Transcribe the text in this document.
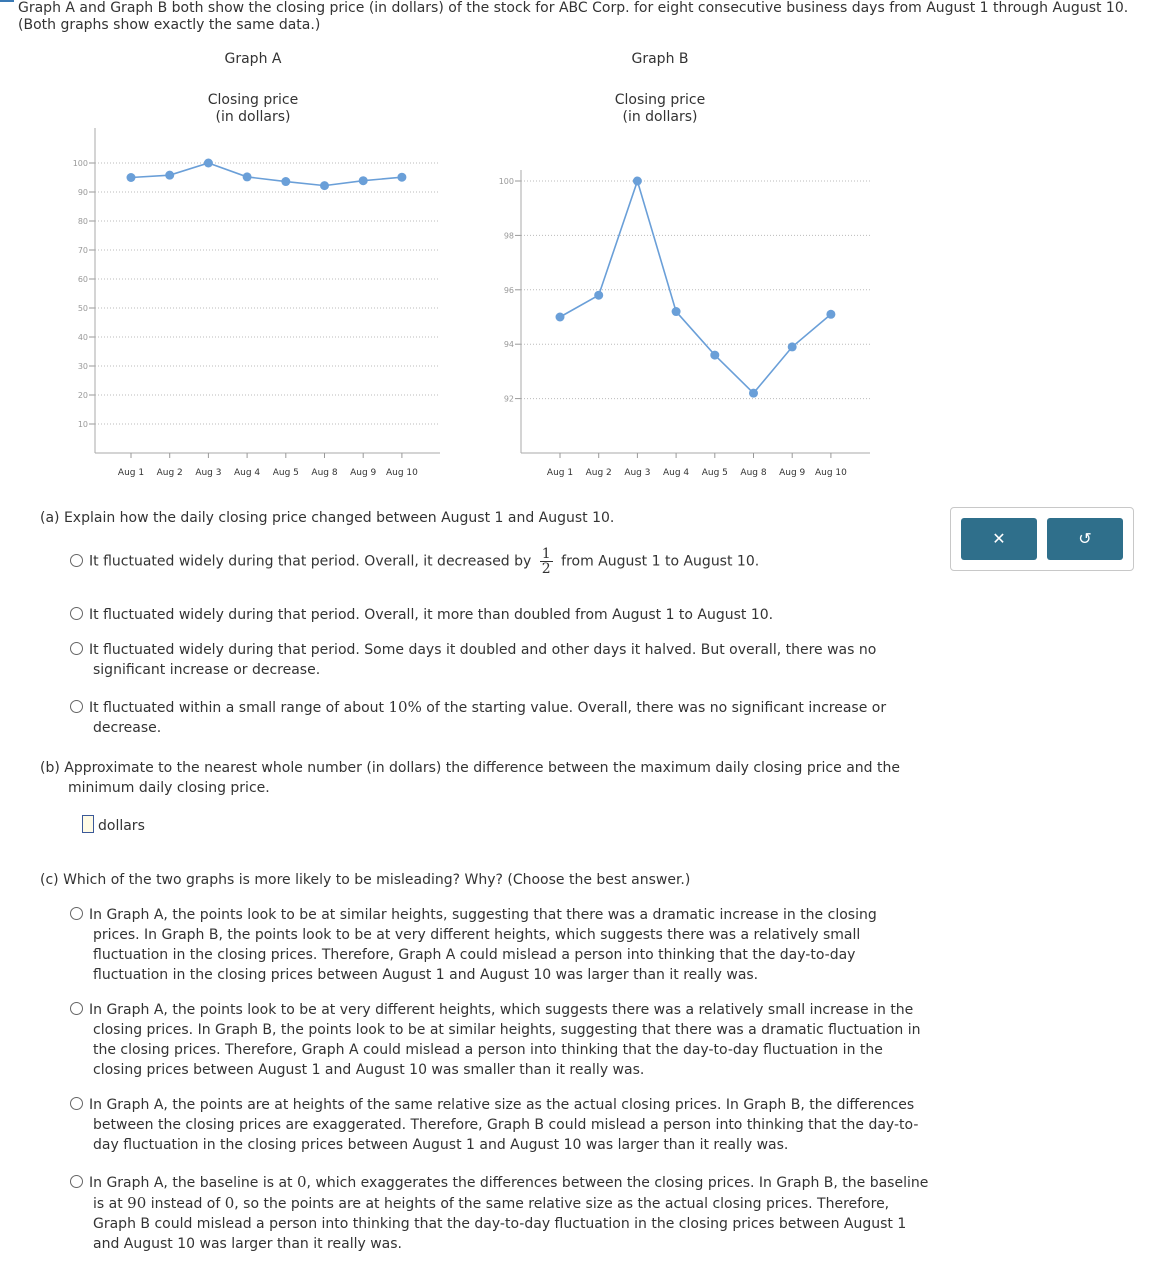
Graph A and Graph B both show the closing price (in dollars) of the stock for ABC Corp. for eight consecutive business days from August 1 through August 10. (Both graphs show exactly the same data.)
Graph A
Closing price
(in dollars)
Graph B
Closing price
(in dollars)
10
20
30
40
50
60
70
80
90
100
Aug 1 Aug 2 Aug 3 Aug 4 Aug 5 Aug 8 Aug 9 Aug 10
92
94
96
98
100
Aug 1 Aug 2 Aug 3 Aug 4 Aug 5 Aug 8 Aug 9 Aug 10
(a) Explain how the daily closing price changed between August 1 and August 10.
It fluctuated widely during that period. Overall, it decreased by $\frac{1}{2}$ from August 1 to August 10.
It fluctuated widely during that period. Overall, it more than doubled from August 1 to August 10.
It fluctuated widely during that period. Some days it doubled and other days it halved. But overall, there was no significant increase or decrease.
It fluctuated within a small range of about 10% of the starting value. Overall, there was no significant increase or decrease.
(b) Approximate to the nearest whole number (in dollars) the difference between the maximum daily closing price and the minimum daily closing price.
dollars
(c) Which of the two graphs is more likely to be misleading? Why? (Choose the best answer.)
In Graph A, the points look to be at similar heights, suggesting that there was a dramatic increase in the closing prices. In Graph B, the points look to be at very different heights, which suggests there was a relatively small fluctuation in the closing prices. Therefore, Graph A could mislead a person into thinking that the day-to-day fluctuation in the closing prices between August 1 and August 10 was larger than it really was.
In Graph A, the points look to be at very different heights, which suggests there was a relatively small increase in the closing prices. In Graph B, the points look to be at similar heights, suggesting that there was a dramatic fluctuation in the closing prices. Therefore, Graph A could mislead a person into thinking that the day-to-day fluctuation in the closing prices between August 1 and August 10 was smaller than it really was.
In Graph A, the points are at heights of the same relative size as the actual closing prices. In Graph B, the differences between the closing prices are exaggerated. Therefore, Graph B could mislead a person into thinking that the day-to-day fluctuation in the closing prices between August 1 and August 10 was larger than it really was.
In Graph A, the baseline is at 0, which exaggerates the differences between the closing prices. In Graph B, the baseline is at 90 instead of 0, so the points are at heights of the same relative size as the actual closing prices. Therefore, Graph B could mislead a person into thinking that the day-to-day fluctuation in the closing prices between August 1 and August 10 was larger than it really was.
✕	↺
